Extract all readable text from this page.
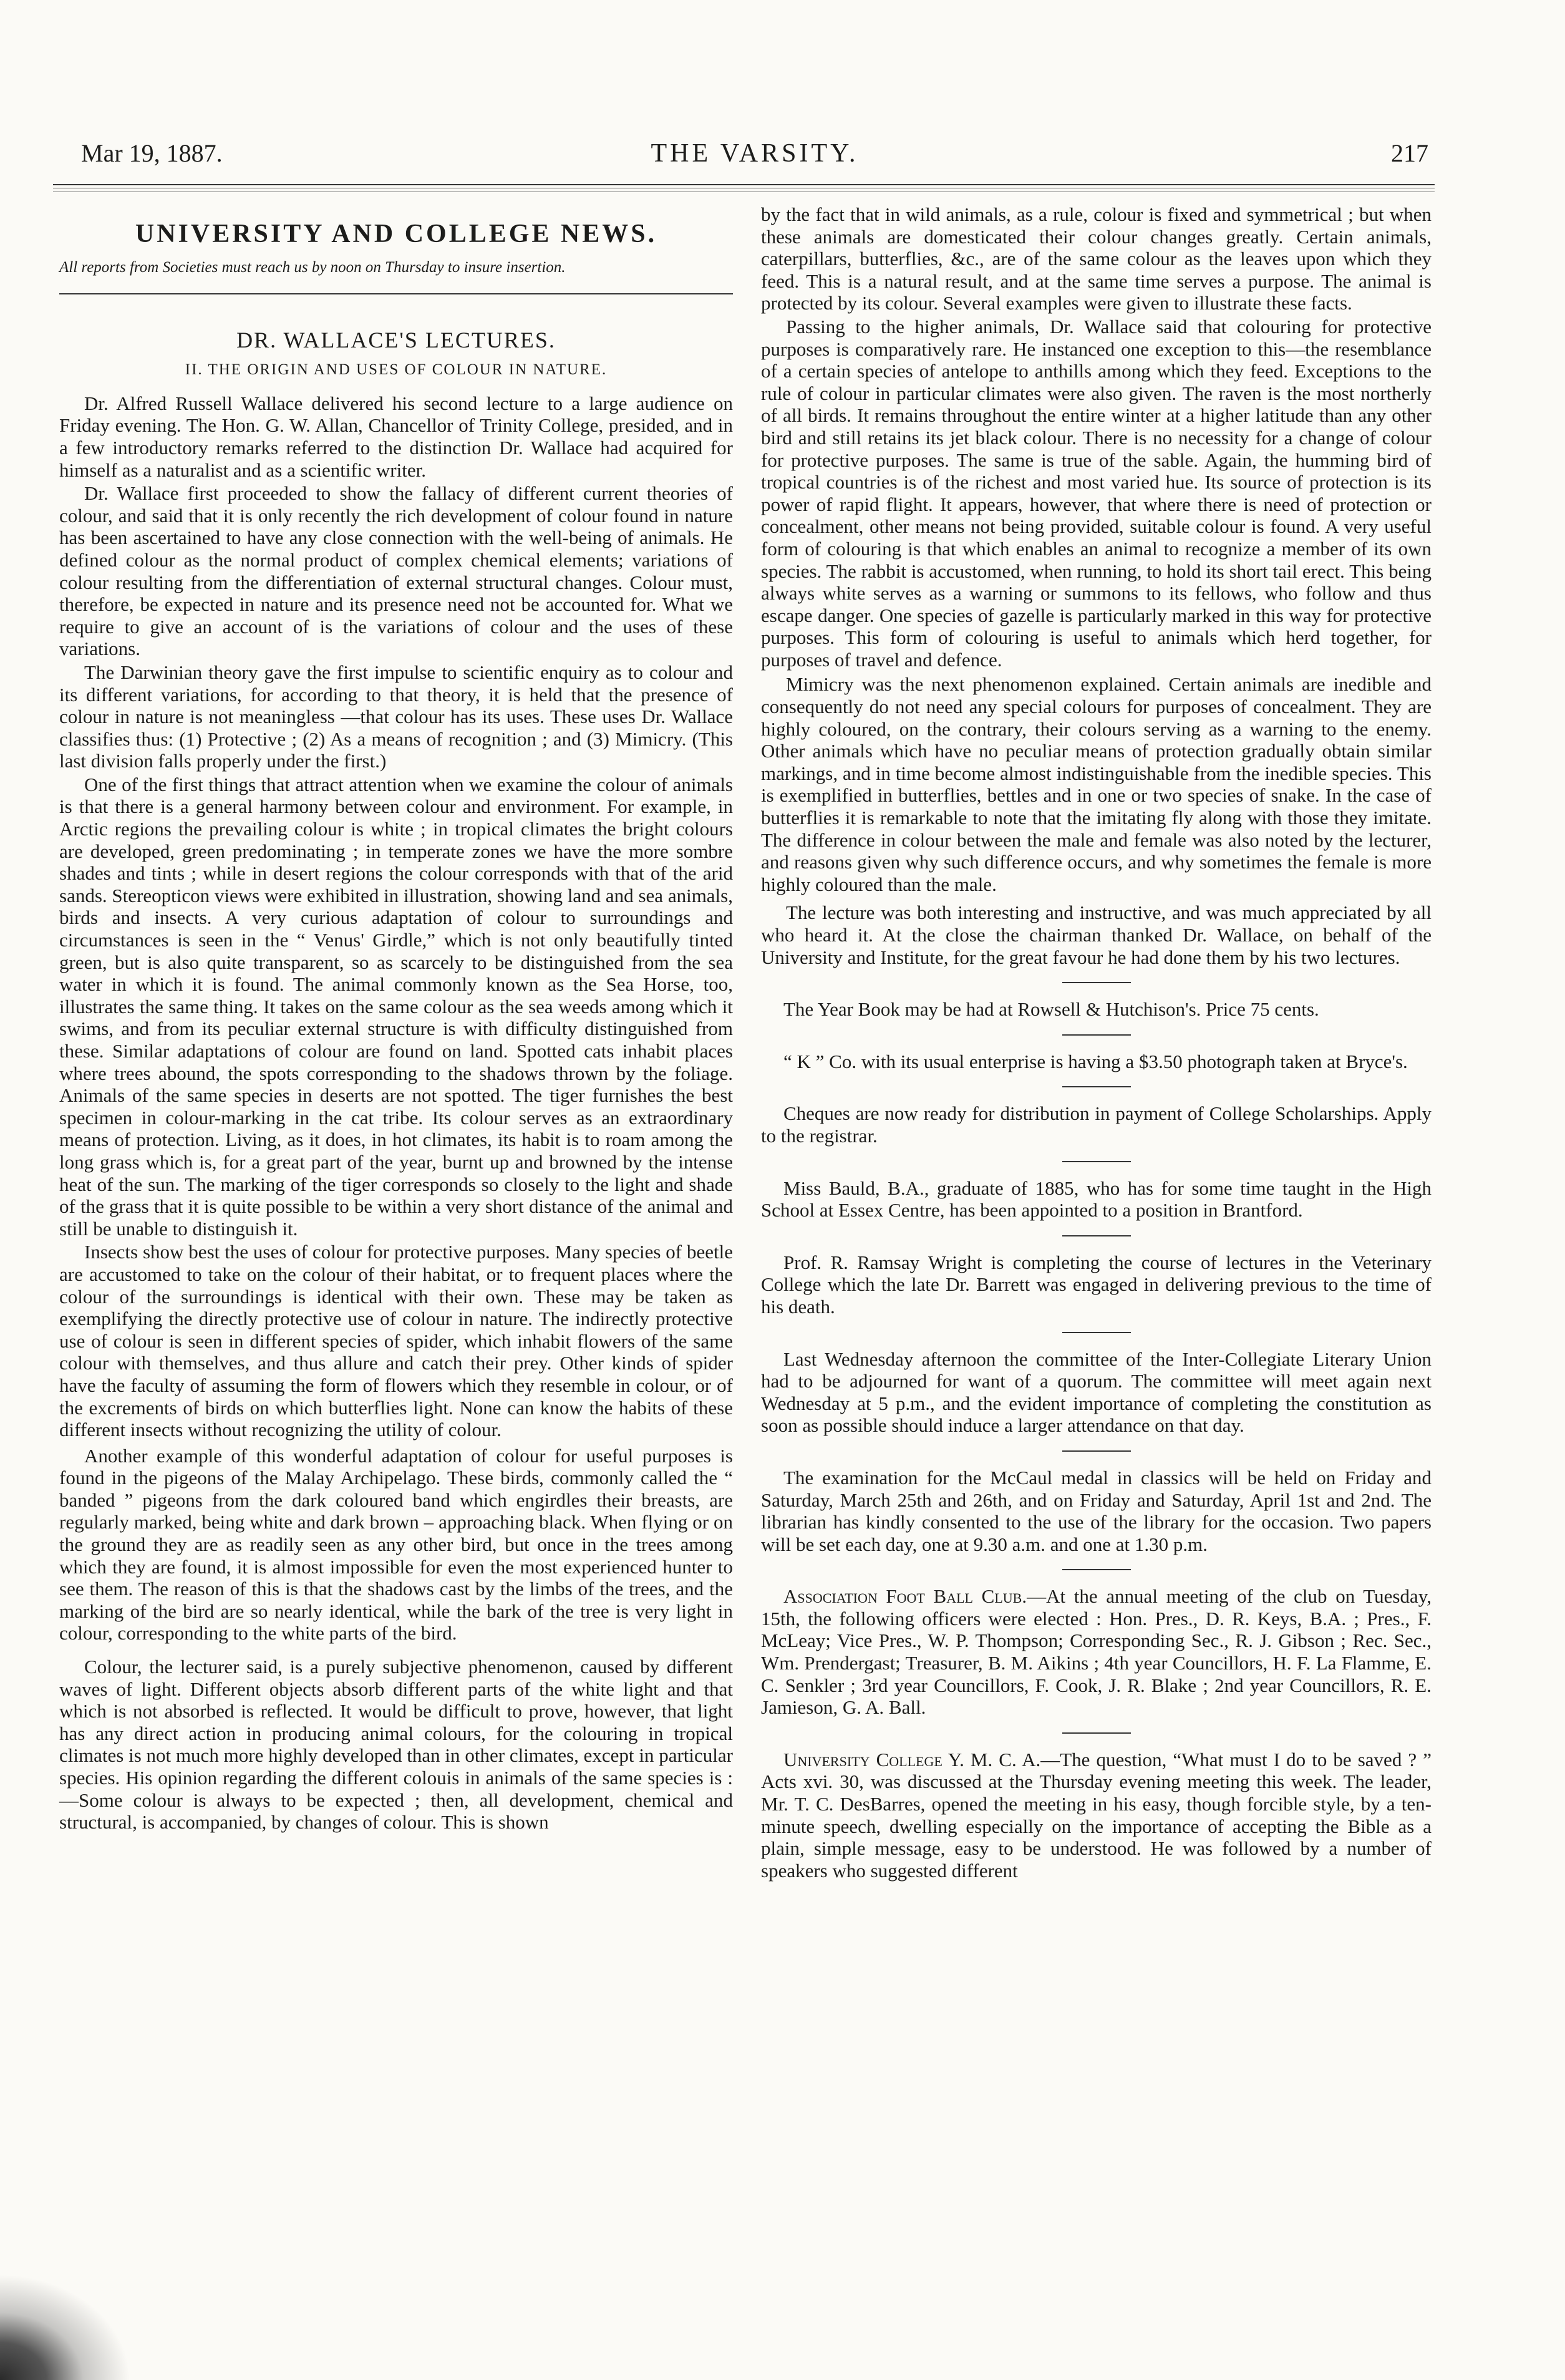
Mar 19, 1887.	THE VARSITY.	217
UNIVERSITY AND COLLEGE NEWS.
All reports from Societies must reach us by noon on Thursday to insure insertion.
DR. WALLACE'S LECTURES.
II. THE ORIGIN AND USES OF COLOUR IN NATURE.

Dr. Alfred Russell Wallace delivered his second lecture to a large audience on Friday evening. The Hon. G. W. Allan, Chancellor of Trinity College, presided, and in a few introductory remarks referred to the distinction Dr. Wallace had acquired for himself as a naturalist and as a scientific writer.

Dr. Wallace first proceeded to show the fallacy of different current theories of colour, and said that it is only recently the rich development of colour found in nature has been ascertained to have any close connection with the well-being of animals. He defined colour as the normal product of complex chemical elements; variations of colour resulting from the differentiation of external structural changes. Colour must, therefore, be expected in nature and its presence need not be accounted for. What we require to give an account of is the variations of colour and the uses of these variations.

The Darwinian theory gave the first impulse to scientific enquiry as to colour and its different variations, for according to that theory, it is held that the presence of colour in nature is not meaningless —that colour has its uses. These uses Dr. Wallace classifies thus: (1) Protective ; (2) As a means of recognition ; and (3) Mimicry. (This last division falls properly under the first.)

One of the first things that attract attention when we examine the colour of animals is that there is a general harmony between colour and environment. For example, in Arctic regions the prevailing colour is white ; in tropical climates the bright colours are developed, green predominating ; in temperate zones we have the more sombre shades and tints ; while in desert regions the colour corresponds with that of the arid sands. Stereopticon views were exhibited in illustration, showing land and sea animals, birds and insects. A very curious adaptation of colour to surroundings and circumstances is seen in the “ Venus' Girdle,” which is not only beautifully tinted green, but is also quite transparent, so as scarcely to be distinguished from the sea water in which it is found. The animal commonly known as the Sea Horse, too, illustrates the same thing. It takes on the same colour as the sea weeds among which it swims, and from its peculiar external structure is with difficulty distinguished from these. Similar adaptations of colour are found on land. Spotted cats inhabit places where trees abound, the spots corresponding to the shadows thrown by the foliage. Animals of the same species in deserts are not spotted. The tiger furnishes the best specimen in colour-marking in the cat tribe. Its colour serves as an extraordinary means of protection. Living, as it does, in hot climates, its habit is to roam among the long grass which is, for a great part of the year, burnt up and browned by the intense heat of the sun. The marking of the tiger corresponds so closely to the light and shade of the grass that it is quite possible to be within a very short distance of the animal and still be unable to distinguish it.

Insects show best the uses of colour for protective purposes. Many species of beetle are accustomed to take on the colour of their habitat, or to frequent places where the colour of the surroundings is identical with their own. These may be taken as exemplifying the directly protective use of colour in nature. The indirectly protective use of colour is seen in different species of spider, which inhabit flowers of the same colour with themselves, and thus allure and catch their prey. Other kinds of spider have the faculty of assuming the form of flowers which they resemble in colour, or of the excrements of birds on which butterflies light. None can know the habits of these different insects without recognizing the utility of colour.

Another example of this wonderful adaptation of colour for useful purposes is found in the pigeons of the Malay Archipelago. These birds, commonly called the “ banded ” pigeons from the dark coloured band which engirdles their breasts, are regularly marked, being white and dark brown – approaching black. When flying or on the ground they are as readily seen as any other bird, but once in the trees among which they are found, it is almost impossible for even the most experienced hunter to see them. The reason of this is that the shadows cast by the limbs of the trees, and the marking of the bird are so nearly identical, while the bark of the tree is very light in colour, corresponding to the white parts of the bird.

Colour, the lecturer said, is a purely subjective phenomenon, caused by different waves of light. Different objects absorb different parts of the white light and that which is not absorbed is reflected. It would be difficult to prove, however, that light has any direct action in producing animal colours, for the colouring in tropical climates is not much more highly developed than in other climates, except in particular species. His opinion regarding the different colouis in animals of the same species is :—Some colour is always to be expected ; then, all development, chemical and structural, is accompanied, by changes of colour. This is shown

by the fact that in wild animals, as a rule, colour is fixed and symmetrical ; but when these animals are domesticated their colour changes greatly. Certain animals, caterpillars, butterflies, &c., are of the same colour as the leaves upon which they feed. This is a natural result, and at the same time serves a purpose. The animal is protected by its colour. Several examples were given to illustrate these facts.

Passing to the higher animals, Dr. Wallace said that colouring for protective purposes is comparatively rare. He instanced one exception to this—the resemblance of a certain species of antelope to anthills among which they feed. Exceptions to the rule of colour in particular climates were also given. The raven is the most northerly of all birds. It remains throughout the entire winter at a higher latitude than any other bird and still retains its jet black colour. There is no necessity for a change of colour for protective purposes. The same is true of the sable. Again, the humming bird of tropical countries is of the richest and most varied hue. Its source of protection is its power of rapid flight. It appears, however, that where there is need of protection or concealment, other means not being provided, suitable colour is found. A very useful form of colouring is that which enables an animal to recognize a member of its own species. The rabbit is accustomed, when running, to hold its short tail erect. This being always white serves as a warning or summons to its fellows, who follow and thus escape danger. One species of gazelle is particularly marked in this way for protective purposes. This form of colouring is useful to animals which herd together, for purposes of travel and defence.

Mimicry was the next phenomenon explained. Certain animals are inedible and consequently do not need any special colours for purposes of concealment. They are highly coloured, on the contrary, their colours serving as a warning to the enemy. Other animals which have no peculiar means of protection gradually obtain similar markings, and in time become almost indistinguishable from the inedible species. This is exemplified in butterflies, bettles and in one or two species of snake. In the case of butterflies it is remarkable to note that the imitating fly along with those they imitate. The difference in colour between the male and female was also noted by the lecturer, and reasons given why such difference occurs, and why sometimes the female is more highly coloured than the male.

The lecture was both interesting and instructive, and was much appreciated by all who heard it. At the close the chairman thanked Dr. Wallace, on behalf of the University and Institute, for the great favour he had done them by his two lectures.

The Year Book may be had at Rowsell & Hutchison's. Price 75 cents.

“ K ” Co. with its usual enterprise is having a $3.50 photograph taken at Bryce's.

Cheques are now ready for distribution in payment of College Scholarships. Apply to the registrar.

Miss Bauld, B.A., graduate of 1885, who has for some time taught in the High School at Essex Centre, has been appointed to a position in Brantford.

Prof. R. Ramsay Wright is completing the course of lectures in the Veterinary College which the late Dr. Barrett was engaged in delivering previous to the time of his death.

Last Wednesday afternoon the committee of the Inter-Collegiate Literary Union had to be adjourned for want of a quorum. The committee will meet again next Wednesday at 5 p.m., and the evident importance of completing the constitution as soon as possible should induce a larger attendance on that day.

The examination for the McCaul medal in classics will be held on Friday and Saturday, March 25th and 26th, and on Friday and Saturday, April 1st and 2nd. The librarian has kindly consented to the use of the library for the occasion. Two papers will be set each day, one at 9.30 a.m. and one at 1.30 p.m.

Association Foot Ball Club.—At the annual meeting of the club on Tuesday, 15th, the following officers were elected : Hon. Pres., D. R. Keys, B.A. ; Pres., F. McLeay; Vice Pres., W. P. Thompson; Corresponding Sec., R. J. Gibson ; Rec. Sec., Wm. Prendergast; Treasurer, B. M. Aikins ; 4th year Councillors, H. F. La Flamme, E. C. Senkler ; 3rd year Councillors, F. Cook, J. R. Blake ; 2nd year Councillors, R. E. Jamieson, G. A. Ball.

University College Y. M. C. A.—The question, “What must I do to be saved ? ” Acts xvi. 30, was discussed at the Thursday evening meeting this week. The leader, Mr. T. C. DesBarres, opened the meeting in his easy, though forcible style, by a ten-minute speech, dwelling especially on the importance of accepting the Bible as a plain, simple message, easy to be understood. He was followed by a number of speakers who suggested different
